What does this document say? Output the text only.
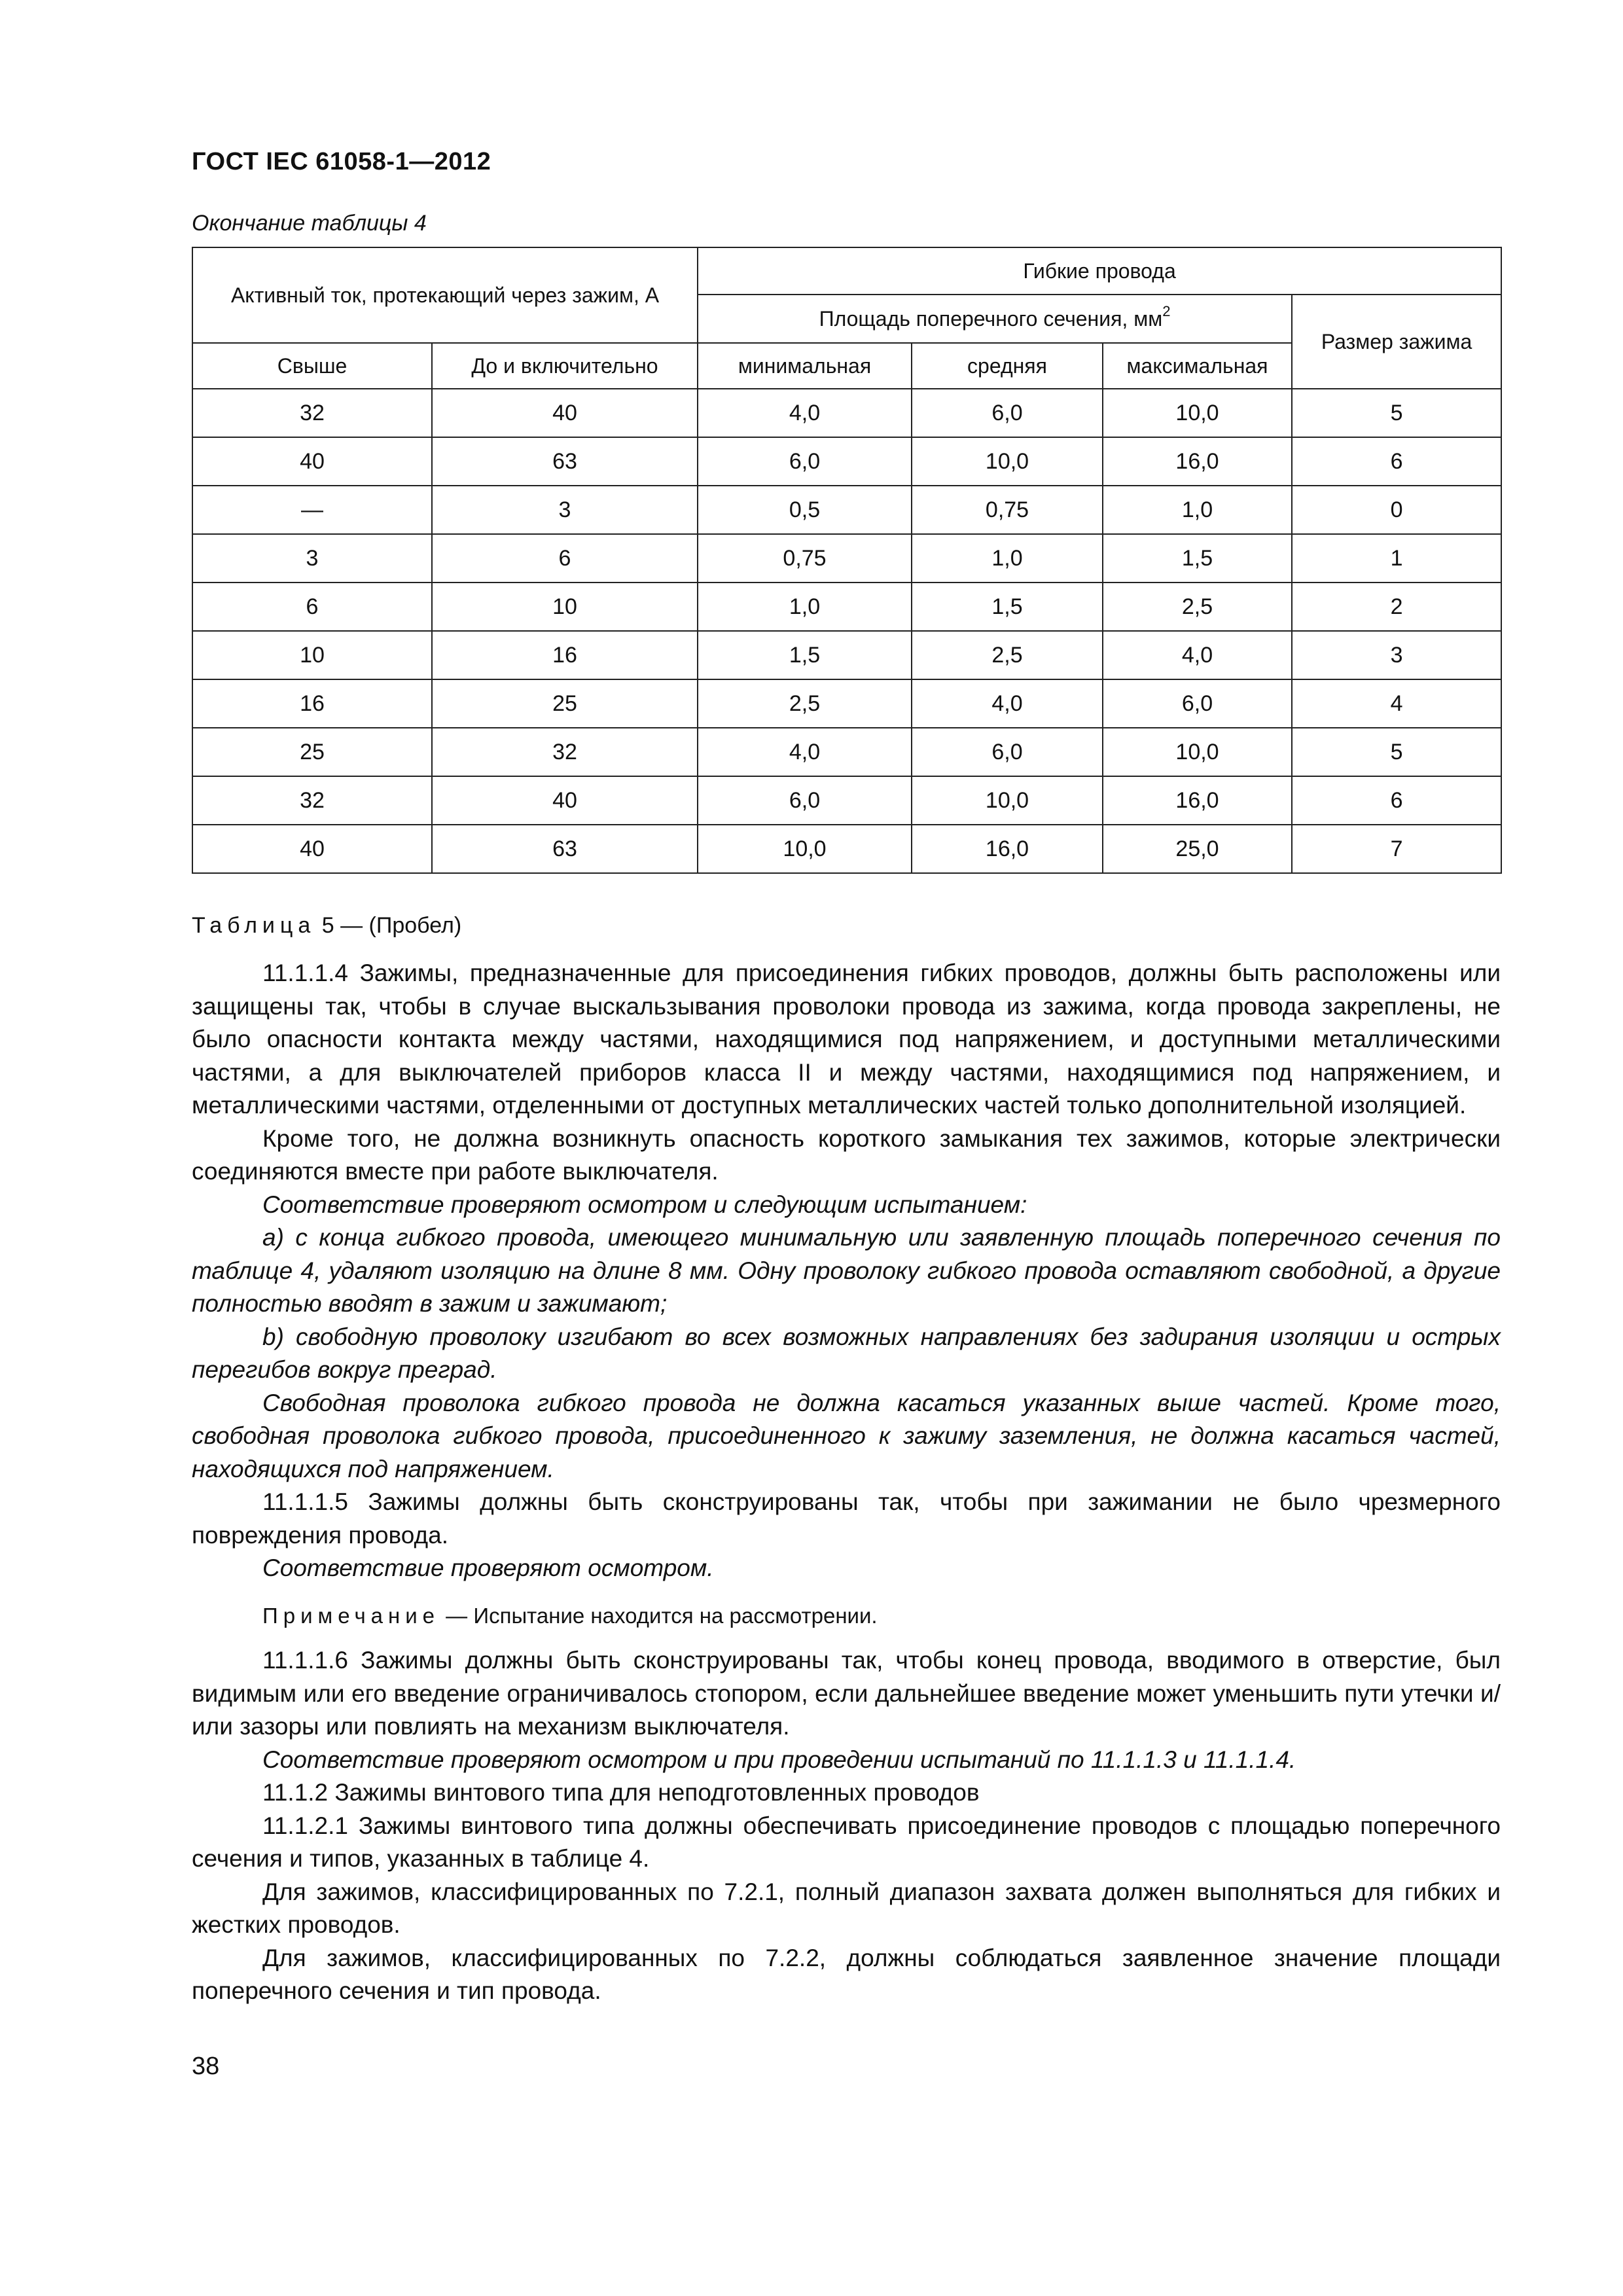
ГОСТ IEC 61058-1—2012
Окончание таблицы 4
Активный ток, протекающий через зажим, А		Гибкие провода			
		Площадь поперечного сечения, $мм^2$			Размер зажима
Свыше	До и включительно	минимальная	средняя	максимальная	
32	40	4,0	6,0	10,0	5
40	63	6,0	10,0	16,0	6
—	3	0,5	0,75	1,0	0
3	6	0,75	1,0	1,5	1
6	10	1,0	1,5	2,5	2
10	16	1,5	2,5	4,0	3
16	25	2,5	4,0	6,0	4
25	32	4,0	6,0	10,0	5
32	40	6,0	10,0	16,0	6
40	63	10,0	16,0	25,0	7
Таблица 5 — (Пробел)

11.1.1.4 Зажимы, предназначенные для присоединения гибких проводов, должны быть расположены или защищены так, чтобы в случае выскальзывания проволоки провода из зажима, когда провода закреплены, не было опасности контакта между частями, находящимися под напряжением, и доступными металлическими частями, а для выключателей приборов класса II и между частями, находящимися под напряжением, и металлическими частями, отделенными от доступных металлических частей только дополнительной изоляцией.

Кроме того, не должна возникнуть опасность короткого замыкания тех зажимов, которые электрически соединяются вместе при работе выключателя.

Соответствие проверяют осмотром и следующим испытанием:

a) с конца гибкого провода, имеющего минимальную или заявленную площадь поперечного сечения по таблице 4, удаляют изоляцию на длине 8 мм. Одну проволоку гибкого провода оставляют свободной, а другие полностью вводят в зажим и зажимают;

b) свободную проволоку изгибают во всех возможных направлениях без задирания изоляции и острых перегибов вокруг преград.

Свободная проволока гибкого провода не должна касаться указанных выше частей. Кроме того, свободная проволока гибкого провода, присоединенного к зажиму заземления, не должна касаться частей, находящихся под напряжением.

11.1.1.5 Зажимы должны быть сконструированы так, чтобы при зажимании не было чрезмерного повреждения провода.

Соответствие проверяют осмотром.

Примечание — Испытание находится на рассмотрении.

11.1.1.6 Зажимы должны быть сконструированы так, чтобы конец провода, вводимого в отверстие, был видимым или его введение ограничивалось стопором, если дальнейшее введение может уменьшить пути утечки и/или зазоры или повлиять на механизм выключателя.

Соответствие проверяют осмотром и при проведении испытаний по 11.1.1.3 и 11.1.1.4.

11.1.2 Зажимы винтового типа для неподготовленных проводов

11.1.2.1 Зажимы винтового типа должны обеспечивать присоединение проводов с площадью поперечного сечения и типов, указанных в таблице 4.

Для зажимов, классифицированных по 7.2.1, полный диапазон захвата должен выполняться для гибких и жестких проводов.

Для зажимов, классифицированных по 7.2.2, должны соблюдаться заявленное значение площади поперечного сечения и тип провода.

38
